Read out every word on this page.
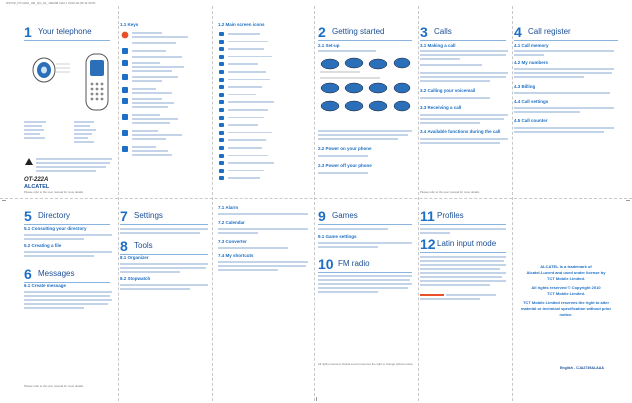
IP2739_OT-222A_GB_QG_01_100208.indd 1 2010-02-08 11:30:51
1 Your telephone
OT-222A
ALCATEL
1.1 Keys	1.2 Main screen icons	2 Getting started
2.1 Set-up
2.2 Power on your phone
2.3 Power off your phone
3 Calls
3.1 Making a call
3.2 Calling your voicemail
3.3 Receiving a call
3.4 Available functions during the call
4 Call register
4.1 Call memory
4.2 My numbers
4.3 Billing
4.4 Call settings
4.5 Call counter
Please refer to the user manual for more details.	Please refer to the user manual for more details.
5 Directory
5.1 Consulting your directory
5.2 Creating a file
6 Messages
6.1 Create message
7 Settings
8 Tools
8.1 Organizer
8.2 Stopwatch
7.1 Alarm
7.2 Calendar
7.3 Converter
7.4 My shortcuts
9 Games
9.1 Game settings
10 FM radio
11 Profiles
12 Latin input mode
ALCATEL is a trademark of
Alcatel-Lucent and used under license by
TCT Mobile Limited.
All rights reserved © Copyright 2010
TCT Mobile Limited.
TCT Mobile Limited reserves the right to alter
material or technical specification without prior notice.
All rights reserved. Alcatel-Lucent reserves the right to change without notice.
Please refer to the user manual for more details.
English - CJA2739ALAAA
